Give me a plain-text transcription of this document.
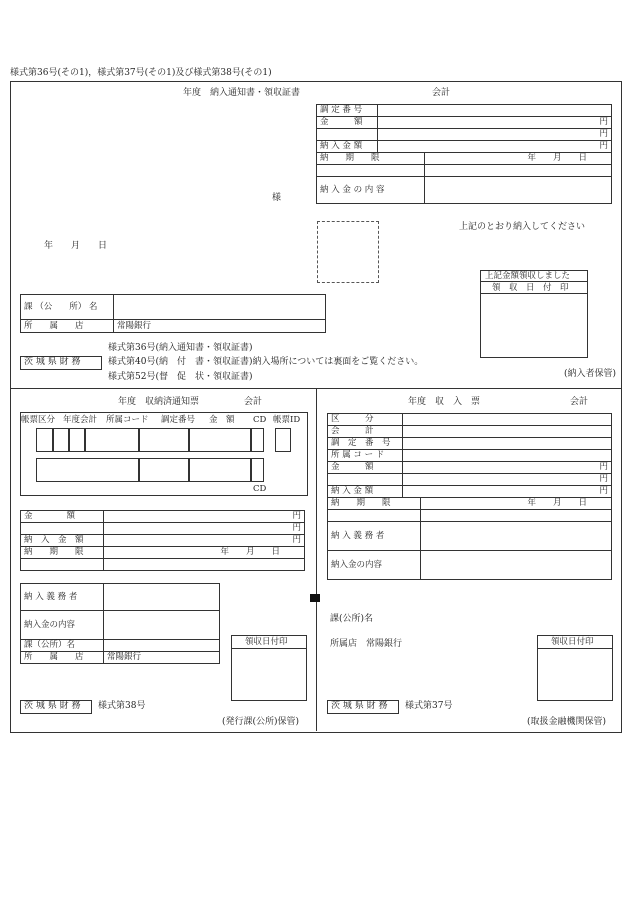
様式第36号(その1)，様式第37号(その1)及び様式第38号(その1)
年度　納入通知書・領収証書	会計
調 定 番 号		
金　　　額	円	
	円	
納 入 金 額	円	
納　　期　　限		年　　月　　日

納 入 金 の 内 容		
様
上記のとおり納入してください
年　　月　　日
上記金額領収しました
領　収　日　付　印
課 （公　　所） 名	
所　　属　　店	常陽銀行
様式第36号(納入通知書・領収証書)
茨 城 県 財 務	様式第40号(納　付　書・領収証書)納入場所については裏面をご覧ください。
様式第52号(督　促　状・領収証書)	(納入者保管)
年度　収納済通知票	会計
帳票区分 年度会計 所属コード 調定番号 金　額 CD 帳票ID
CD
金　　　　額	円
	円
納　入　金　額	円
納　　期　　限	年　　月　　日

納 入 義 務 者	
納入金の内容	
課（公所）名	
所　　属　　店	常陽銀行
領収日付印
茨 城 県 財 務 様式第38号
(発行課(公所)保管)
年度　収　入　票	会計
区　　　分		
会　　　計		
調　定　番　号		
所 属 コ ー ド		
金　　　額	円	
	円	
納 入 金 額	円	
納　　期　　限		年　　月　　日

納 入 義 務 者		
納入金の内容		
課(公所)名
所属店　常陽銀行	領収日付印
茨 城 県 財 務 様式第37号
(取扱金融機関保管)
